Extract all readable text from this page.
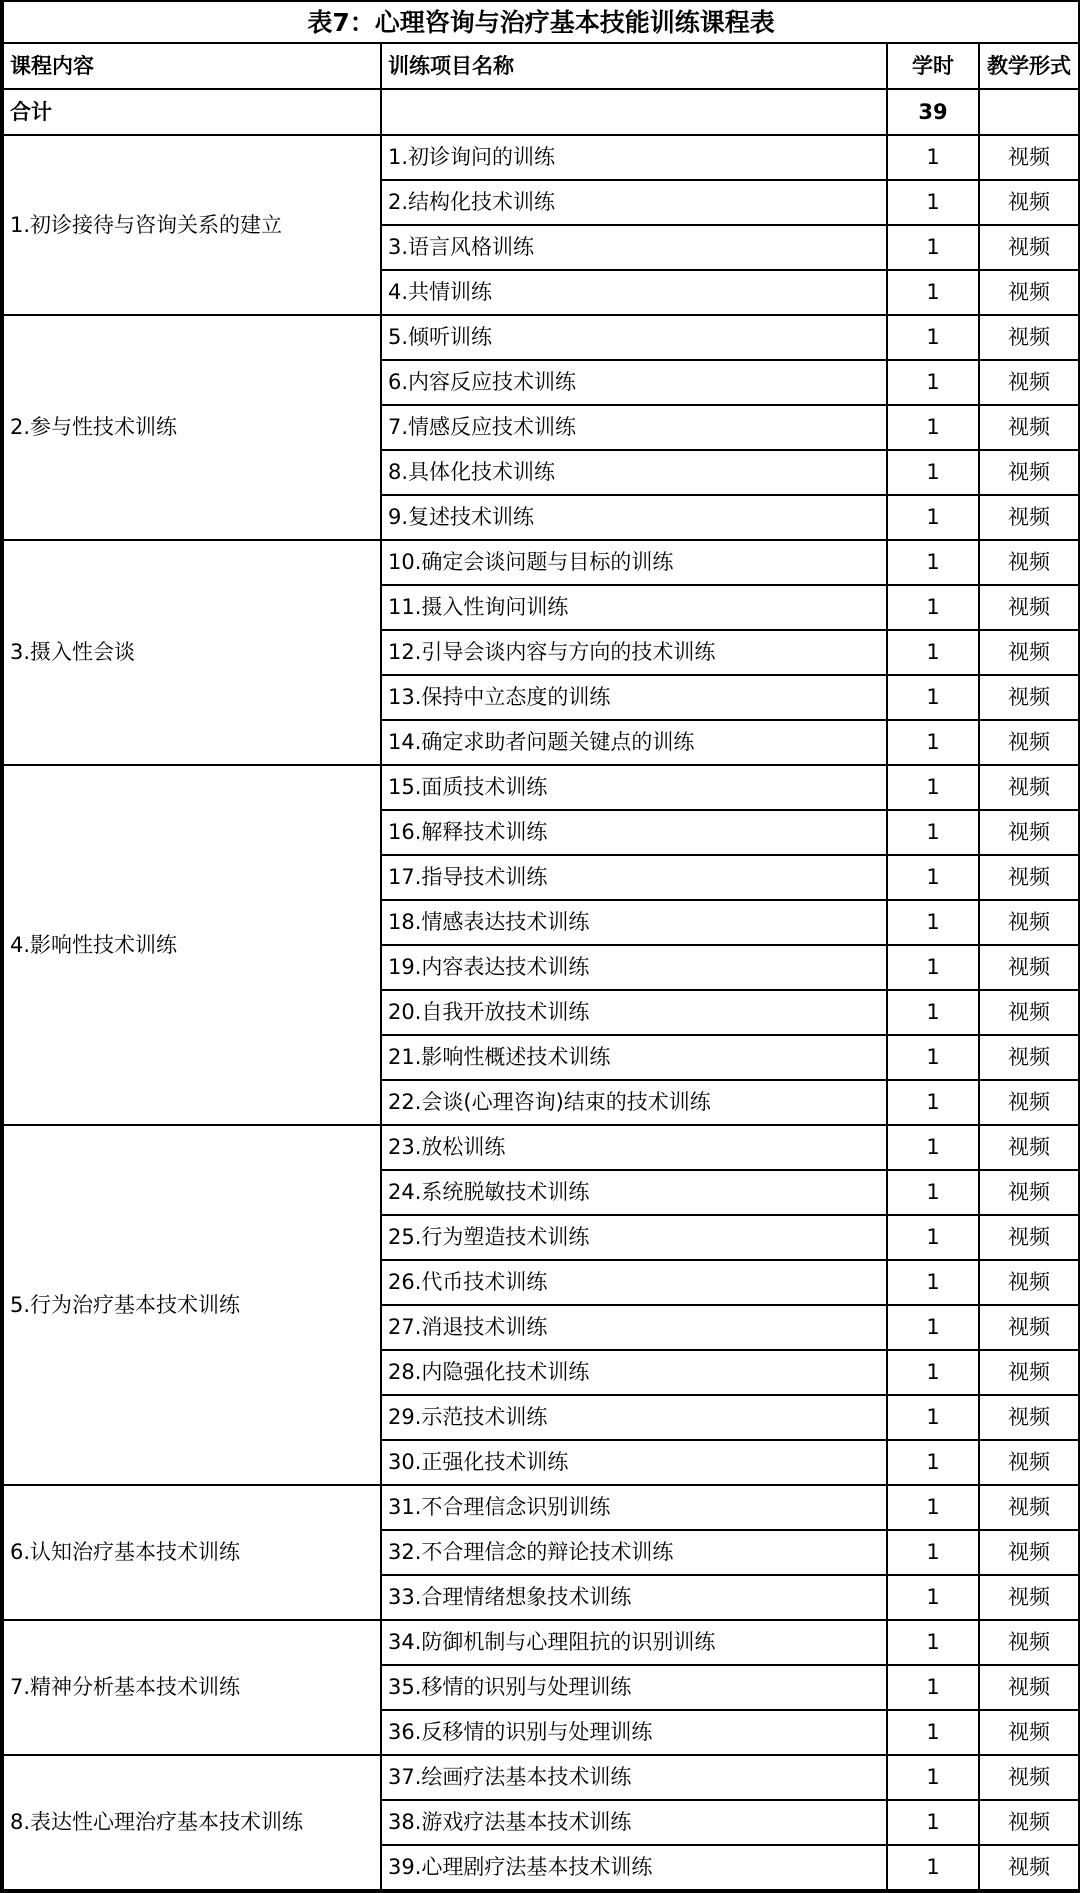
表7：心理咨询与治疗基本技能训练课程表			
课程内容	训练项目名称	学时	教学形式
合计		39	
1.初诊接待与咨询关系的建立	1.初诊询问的训练	1	视频
	2.结构化技术训练	1	视频
	3.语言风格训练	1	视频
	4.共情训练	1	视频
2.参与性技术训练	5.倾听训练	1	视频
	6.内容反应技术训练	1	视频
	7.情感反应技术训练	1	视频
	8.具体化技术训练	1	视频
	9.复述技术训练	1	视频
3.摄入性会谈	10.确定会谈问题与目标的训练	1	视频
	11.摄入性询问训练	1	视频
	12.引导会谈内容与方向的技术训练	1	视频
	13.保持中立态度的训练	1	视频
	14.确定求助者问题关键点的训练	1	视频
4.影响性技术训练	15.面质技术训练	1	视频
	16.解释技术训练	1	视频
	17.指导技术训练	1	视频
	18.情感表达技术训练	1	视频
	19.内容表达技术训练	1	视频
	20.自我开放技术训练	1	视频
	21.影响性概述技术训练	1	视频
	22.会谈(心理咨询)结束的技术训练	1	视频
5.行为治疗基本技术训练	23.放松训练	1	视频
	24.系统脱敏技术训练	1	视频
	25.行为塑造技术训练	1	视频
	26.代币技术训练	1	视频
	27.消退技术训练	1	视频
	28.内隐强化技术训练	1	视频
	29.示范技术训练	1	视频
	30.正强化技术训练	1	视频
6.认知治疗基本技术训练	31.不合理信念识别训练	1	视频
	32.不合理信念的辩论技术训练	1	视频
	33.合理情绪想象技术训练	1	视频
7.精神分析基本技术训练	34.防御机制与心理阻抗的识别训练	1	视频
	35.移情的识别与处理训练	1	视频
	36.反移情的识别与处理训练	1	视频
8.表达性心理治疗基本技术训练	37.绘画疗法基本技术训练	1	视频
	38.游戏疗法基本技术训练	1	视频
	39.心理剧疗法基本技术训练	1	视频
